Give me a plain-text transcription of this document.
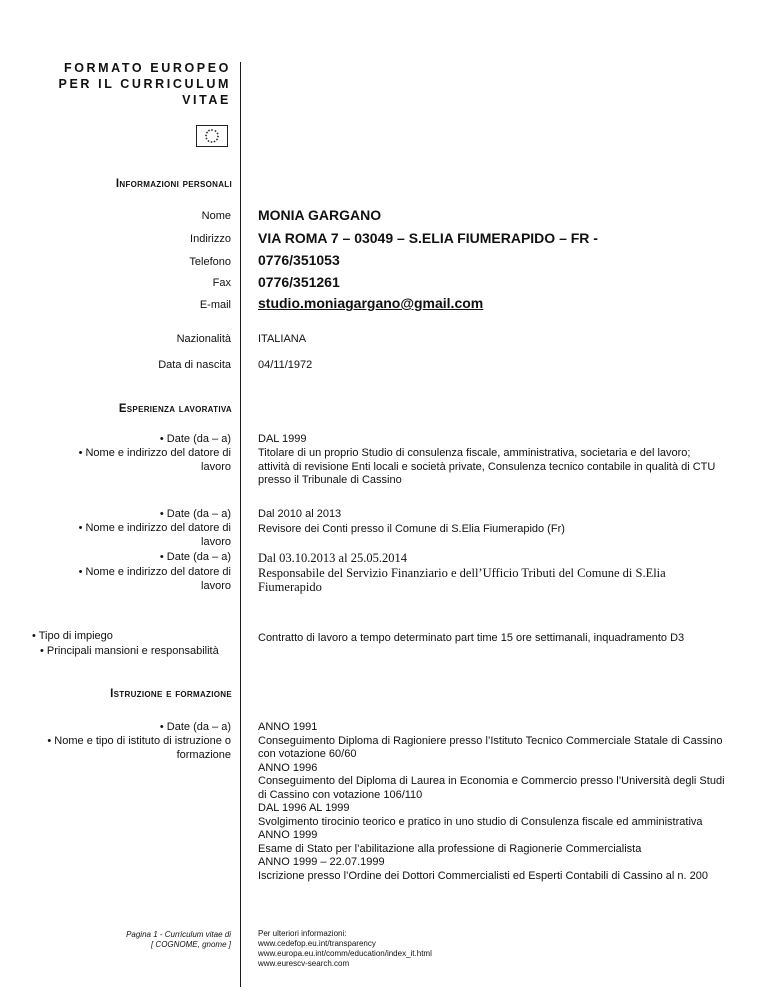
FORMATO EUROPEO
PER IL CURRICULUM
VITAE
Informazioni personali
Nome MONIA GARGANO
Indirizzo VIA ROMA 7 – 03049 – S.ELIA FIUMERAPIDO – FR -
Telefono 0776/351053
Fax 0776/351261
E-mail studio.moniagargano@gmail.com
Nazionalità ITALIANA
Data di nascita 04/11/1972
Esperienza lavorativa
• Date (da – a)
• Nome e indirizzo del datore di lavoro
DAL 1999
Titolare di un proprio Studio di consulenza fiscale, amministrativa, societaria e del lavoro; attività di revisione Enti locali e società private, Consulenza tecnico contabile in qualità di CTU presso il Tribunale di Cassino
• Date (da – a)
• Nome e indirizzo del datore di lavoro
Dal 2010 al 2013
Revisore dei Conti presso il Comune di S.Elia Fiumerapido (Fr)
• Date (da – a)
• Nome e indirizzo del datore di lavoro
Dal 03.10.2013 al 25.05.2014
Responsabile del Servizio Finanziario e dell’Ufficio Tributi del Comune di S.Elia Fiumerapido
• Tipo di impiego
• Principali mansioni e responsabilità
Contratto di lavoro a tempo determinato part time 15 ore settimanali, inquadramento D3
Istruzione e formazione
• Date (da – a)
• Nome e tipo di istituto di istruzione o formazione
ANNO 1991
Conseguimento Diploma di Ragioniere presso l’Istituto Tecnico Commerciale Statale di Cassino con votazione 60/60
ANNO 1996
Conseguimento del Diploma di Laurea in Economia e Commercio presso l’Università degli Studi di Cassino con votazione 106/110
DAL 1996 AL 1999
Svolgimento tirocinio teorico e pratico in uno studio di Consulenza fiscale ed amministrativa
ANNO 1999
Esame di Stato per l’abilitazione alla professione di Ragionerie Commercialista
ANNO 1999 – 22.07.1999
Iscrizione presso l’Ordine dei Dottori Commercialisti ed Esperti Contabili di Cassino al n. 200
Pagina 1 - Curriculum vitae di
[ COGNOME, gnome ]
Per ulteriori informazioni:
www.cedefop.eu.int/transparency
www.europa.eu.int/comm/education/index_it.html
www.eurescv-search.com
